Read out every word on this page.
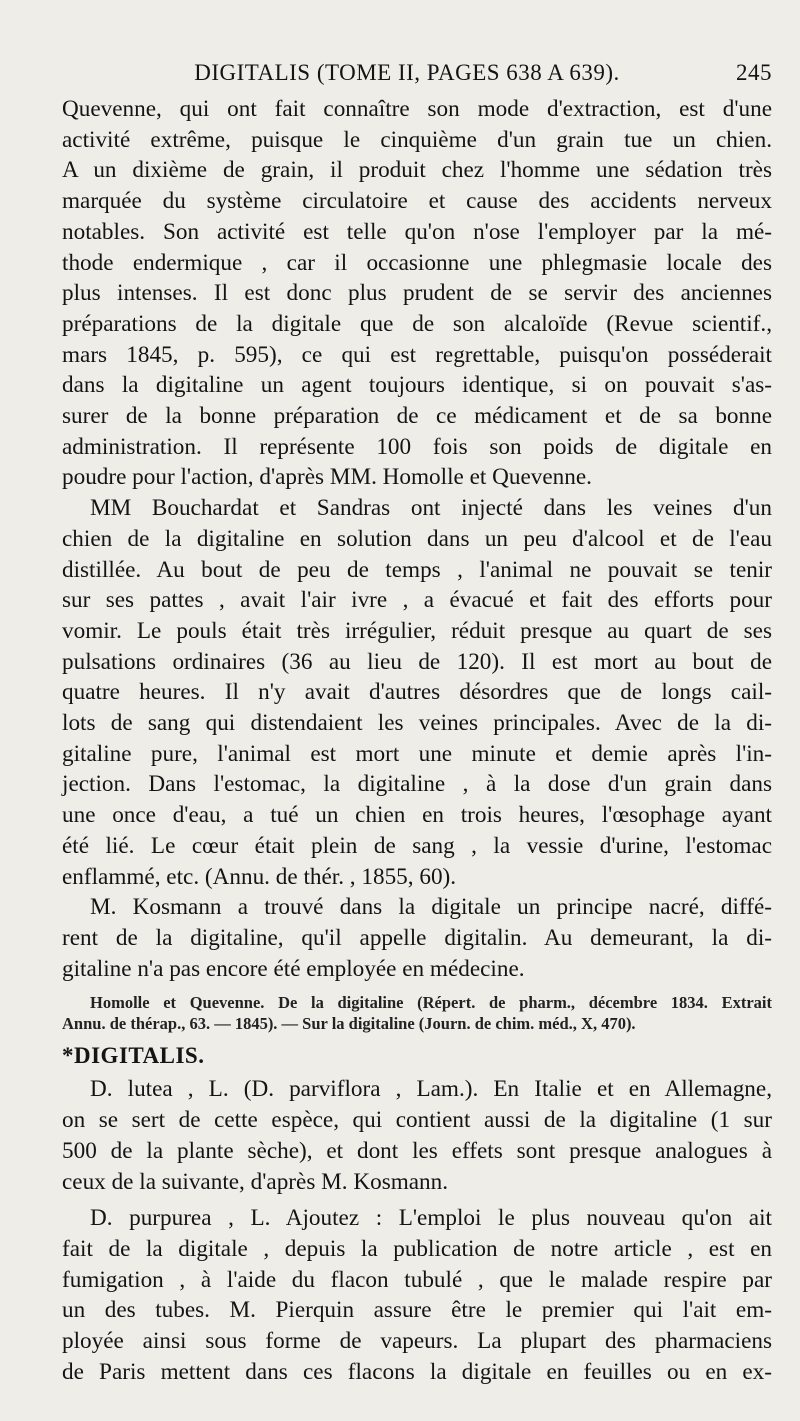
DIGITALIS (TOME II, PAGES 638 A 639).	245
Quevenne, qui ont fait connaître son mode d'extraction, est d'une
activité extrême, puisque le cinquième d'un grain tue un chien.
A un dixième de grain, il produit chez l'homme une sédation très
marquée du système circulatoire et cause des accidents nerveux
notables. Son activité est telle qu'on n'ose l'employer par la mé-
thode endermique , car il occasionne une phlegmasie locale des
plus intenses. Il est donc plus prudent de se servir des anciennes
préparations de la digitale que de son alcaloïde (Revue scientif.,
mars 1845, p. 595), ce qui est regrettable, puisqu'on posséderait
dans la digitaline un agent toujours identique, si on pouvait s'as-
surer de la bonne préparation de ce médicament et de sa bonne
administration. Il représente 100 fois son poids de digitale en
poudre pour l'action, d'après MM. Homolle et Quevenne.
MM Bouchardat et Sandras ont injecté dans les veines d'un
chien de la digitaline en solution dans un peu d'alcool et de l'eau
distillée. Au bout de peu de temps , l'animal ne pouvait se tenir
sur ses pattes , avait l'air ivre , a évacué et fait des efforts pour
vomir. Le pouls était très irrégulier, réduit presque au quart de ses
pulsations ordinaires (36 au lieu de 120). Il est mort au bout de
quatre heures. Il n'y avait d'autres désordres que de longs cail-
lots de sang qui distendaient les veines principales. Avec de la di-
gitaline pure, l'animal est mort une minute et demie après l'in-
jection. Dans l'estomac, la digitaline , à la dose d'un grain dans
une once d'eau, a tué un chien en trois heures, l'œsophage ayant
été lié. Le cœur était plein de sang , la vessie d'urine, l'estomac
enflammé, etc. (Annu. de thér. , 1855, 60).
M. Kosmann a trouvé dans la digitale un principe nacré, diffé-
rent de la digitaline, qu'il appelle digitalin. Au demeurant, la di-
gitaline n'a pas encore été employée en médecine.
Homolle et Quevenne. De la digitaline (Répert. de pharm., décembre 1834. Extrait
Annu. de thérap., 63. — 1845). — Sur la digitaline (Journ. de chim. méd., X, 470).
*DIGITALIS.
D. lutea , L. (D. parviflora , Lam.). En Italie et en Allemagne,
on se sert de cette espèce, qui contient aussi de la digitaline (1 sur
500 de la plante sèche), et dont les effets sont presque analogues à
ceux de la suivante, d'après M. Kosmann.
D. purpurea , L. Ajoutez : L'emploi le plus nouveau qu'on ait
fait de la digitale , depuis la publication de notre article , est en
fumigation , à l'aide du flacon tubulé , que le malade respire par
un des tubes. M. Pierquin assure être le premier qui l'ait em-
ployée ainsi sous forme de vapeurs. La plupart des pharmaciens
de Paris mettent dans ces flacons la digitale en feuilles ou en ex-
